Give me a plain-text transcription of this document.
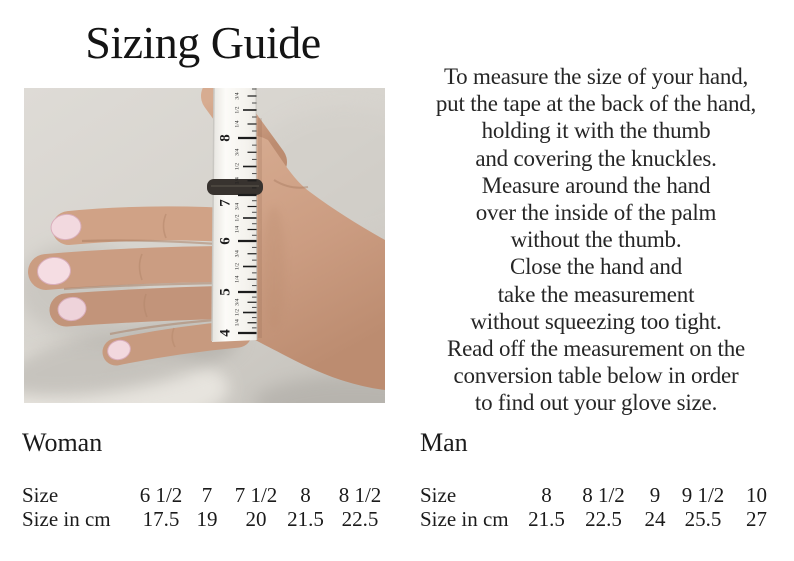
Sizing Guide
To measure the size of your hand,
put the tape at the back of the hand,
holding it with the thumb
and covering the knuckles.
Measure around the hand
over the inside of the palm
without the thumb.
Close the hand and
take the measurement
without squeezing too tight.
Read off the measurement on the
conversion table below in order
to find out your glove size.
8
1/4
1/2
3/4
7
1/4
1/2
3/4
6
1/4
1/2
3/4
5
1/4
1/2
3/4
4
1/4
1/2
3/4
Woman	Man
Size	6 1/2 7	7 1/2	8	8 1/2
Size in cm	17.5 19	20 21.5 22.5
Size	8	8 1/2	9	9 1/2	10
Size in cm 21.5 22.5	24 25.5	27
